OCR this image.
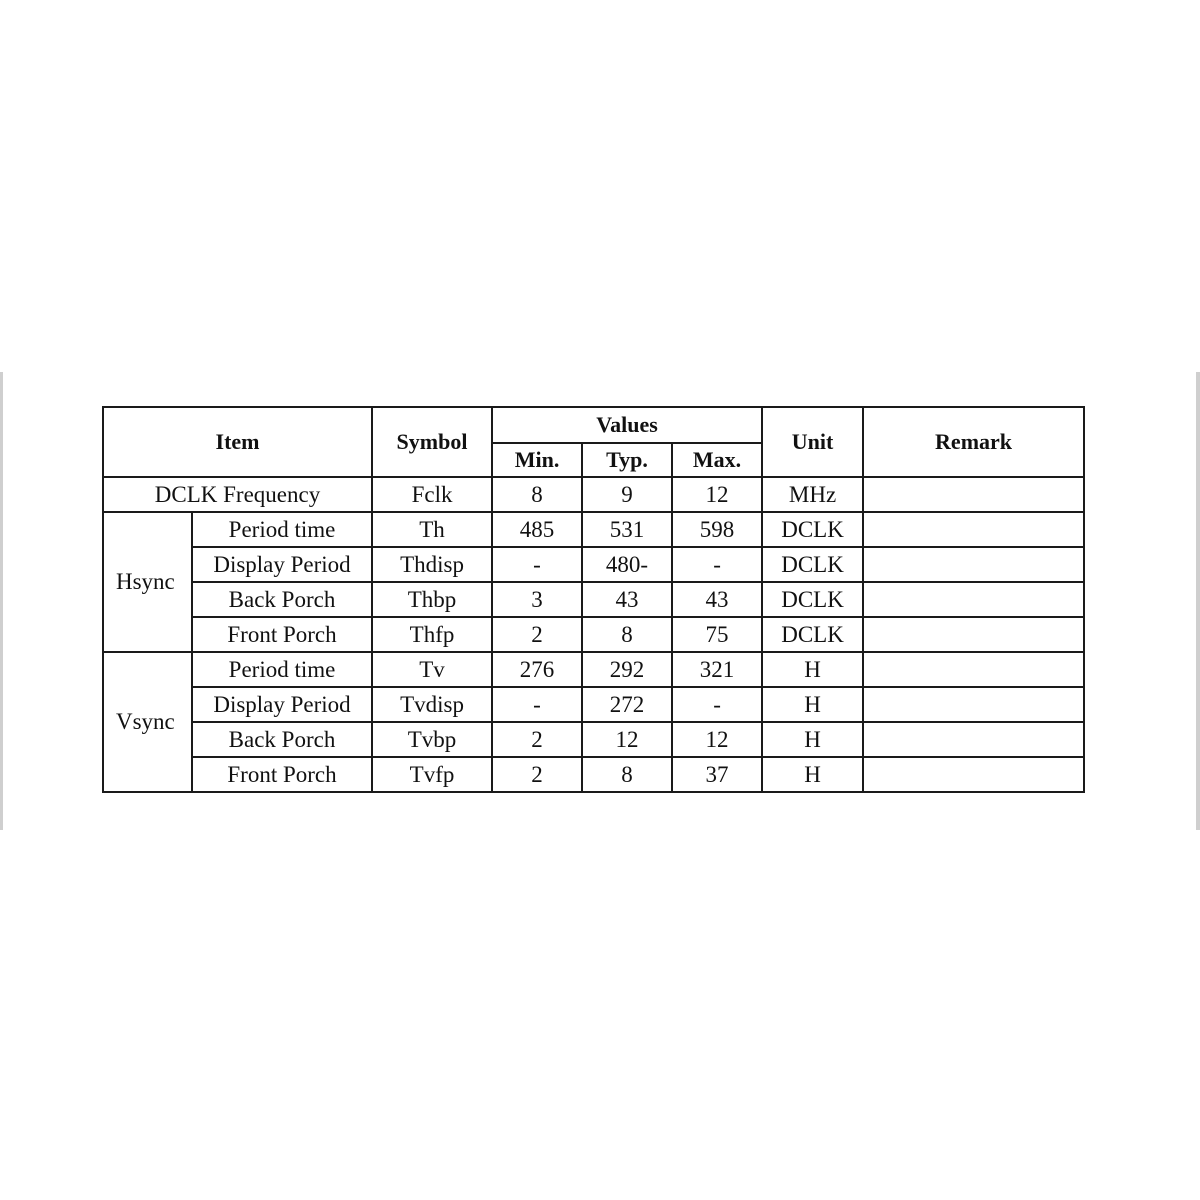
Item		Symbol	Values			Unit	Remark
			Min.	Typ.	Max.		
DCLK Frequency		Fclk	8	9	12	MHz	
Hsync	Period time	Th	485	531	598	DCLK	
	Display Period	Thdisp	-	480-	-	DCLK	
	Back Porch	Thbp	3	43	43	DCLK	
	Front Porch	Thfp	2	8	75	DCLK	
Vsync	Period time	Tv	276	292	321	H	
	Display Period	Tvdisp	-	272	-	H	
	Back Porch	Tvbp	2	12	12	H	
	Front Porch	Tvfp	2	8	37	H	
